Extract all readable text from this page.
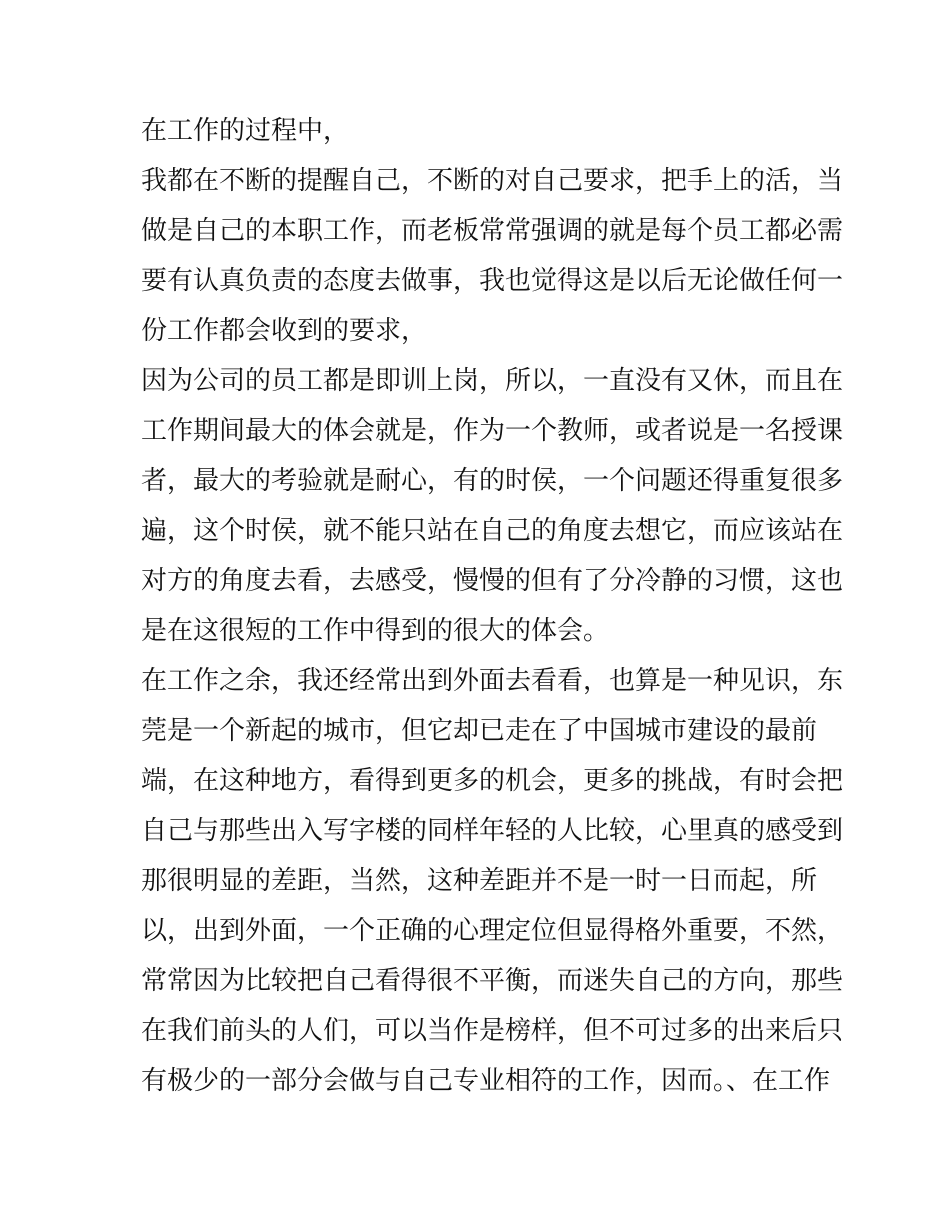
在工作的过程中，
我都在不断的提醒自己，不断的对自己要求，把手上的活，当
做是自己的本职工作，而老板常常强调的就是每个员工都必需
要有认真负责的态度去做事，我也觉得这是以后无论做任何一
份工作都会收到的要求，
因为公司的员工都是即训上岗，所以，一直没有又休，而且在
工作期间最大的体会就是，作为一个教师，或者说是一名授课
者，最大的考验就是耐心，有的时侯，一个问题还得重复很多
遍，这个时侯，就不能只站在自己的角度去想它，而应该站在
对方的角度去看，去感受，慢慢的但有了分冷静的习惯，这也
是在这很短的工作中得到的很大的体会。
在工作之余，我还经常出到外面去看看，也算是一种见识，东
莞是一个新起的城市，但它却已走在了中国城市建设的最前
端，在这种地方，看得到更多的机会，更多的挑战，有时会把
自己与那些出入写字楼的同样年轻的人比较，心里真的感受到
那很明显的差距，当然，这种差距并不是一时一日而起，所
以，出到外面，一个正确的心理定位但显得格外重要，不然，
常常因为比较把自己看得很不平衡，而迷失自己的方向，那些
在我们前头的人们，可以当作是榜样，但不可过多的出来后只
有极少的一部分会做与自己专业相符的工作，因而。、在工作
